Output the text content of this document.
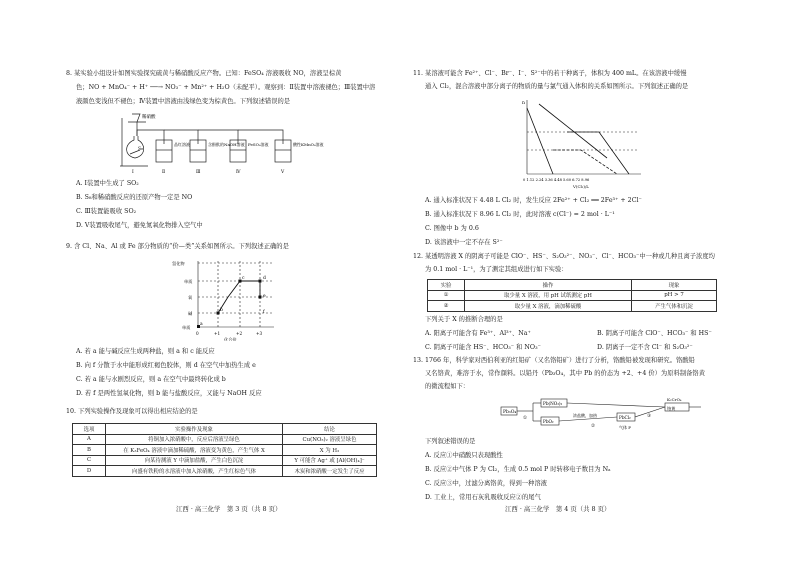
8. 某实验小组设计如图实验探究硫黄与稀硝酸反应产物。已知：FeSO₄ 溶液吸收 NO，溶液呈棕黄
色；NO + MnO₄⁻ + H⁺ ──→ NO₃⁻ + Mn²⁺ + H₂O（未配平）。观察到：Ⅱ装置中溶液褪色；Ⅲ装置中溶
液颜色变浅但不褪色；Ⅳ装置中溶液由浅绿色变为棕黄色。下列叙述错误的是
稀硝酸
S₈
品红溶液	含酚酞的NaOH溶液 FeSO₄溶液	酸性KMnO₄溶液
Ⅰ	Ⅱ	Ⅲ	Ⅳ	Ⅴ
A. Ⅰ装置中生成了 SO₂
B. S₈和稀硝酸反应的还原产物一定是 NO
C. Ⅲ装置能吸收 SO₂
D. Ⅴ装置吸收尾气，避免氮氧化物排入空气中
9. 含 Cl、Na、Al 或 Fe 部分物质的“价—类”关系如图所示。下列叙述正确的是
氢化物
单质
氧
碱
单质
a
b
c	d
e
f
0	+1	+2	+3
化合价
A. 若 a 能与碱反应生成两种盐，则 a 和 c 能反应
B. 向 f 分散于水中能形成红褐色胶体，则 d 在空气中加热生成 e
C. 若 a 能与水剧烈反应，则 a 在空气中最终转化成 b
D. 若 f 是两性氢氧化物，则 b 能与盐酸反应，又能与 NaOH 反应
10. 下列实验操作及现象可以得出相应结论的是
选项	实验操作及现象	结论
A	将铜加入浓硝酸中，反应后溶液呈绿色	Cu(NO₃)₂ 溶液呈绿色
B	在 K₃FeO₄ 溶液中滴加稀硫酸，溶液变为黄色，产生气体 X	X 为 H₂
C	向某待测液 Y 中滴加盐酸，产生白色沉淀	Y 可能含 Ag⁺ 或 [Al(OH)₄]⁻
D	向盛有铁粉的水溶液中加入浓硝酸，产生红棕色气体	木炭和浓硝酸一定发生了反应
江西 · 高三化学　第 3 页（共 8 页）
11. 某溶液可能含 Fe²⁺、Cl⁻、Br⁻、I⁻、S²⁻中的若干种离子，体积为 400 mL。在该溶液中缓慢
通入 Cl₂，混合溶液中部分离子的物质的量与氯气通入体积的关系如图所示。下列叙述正确的是
n
0 1.12 2.24 3.36 4.48 5.60 6.72 8.96
V(Cl₂)/L
A. 通入标准状况下 4.48 L Cl₂ 时，发生反应 2Fe²⁺ + Cl₂ ══ 2Fe³⁺ + 2Cl⁻
B. 通入标准状况下 8.96 L Cl₂ 时，此时溶液 c(Cl⁻) = 2 mol · L⁻¹
C. 图像中 b 为 0.6
D. 该溶液中一定不存在 S²⁻
12. 某透明溶液 X 的阴离子可能是 ClO⁻、HS⁻、S₂O₃²⁻、NO₃⁻、Cl⁻、HCO₃⁻中一种或几种且离子浓度均
为 0.1 mol · L⁻¹，为了测定其组成进行如下实验：
实验	操作	现象
①	取少量 X 溶液，用 pH 试纸测定 pH	pH > 7
②	取少量 X 溶液，滴加稀硫酸	产生气体和沉淀
下列关于 X 的推断合理的是
A. 阳离子可能含有 Fe³⁺、Al³⁺、Na⁺	B. 阴离子可能含 ClO⁻、HCO₃⁻ 和 HS⁻
C. 阴离子可能含 HS⁻、HCO₃⁻ 和 NO₃⁻	D. 阴离子一定不含 Cl⁻ 和 S₂O₃²⁻
13. 1766 年，科学家对西伯利亚的红铅矿（又名铬铅矿）进行了分析，铬酸铅被发现和研究。铬酸铅
又名铬黄，难溶于水，常作颜料。以铅丹（Pb₃O₄，其中 Pb 的价态为 +2、+4 价）为原料制备铬黄
的微流程如下：
Pb₃O₄
Pb(NO₃)₂
PbO₂
浓盐酸，加热	PbCl₂
气体 P
K₂CrO₄
铬黄
①
②
③
下列叙述错误的是
A. 反应①中硝酸只表现酸性
B. 反应②中气体 P 为 Cl₂，生成 0.5 mol P 时转移电子数目为 Nₐ
C. 反应③中，过滤分离铬黄，得到一种溶液
D. 工业上，常用石灰乳吸收反应②的尾气
江西 · 高三化学　第 4 页（共 8 页）
